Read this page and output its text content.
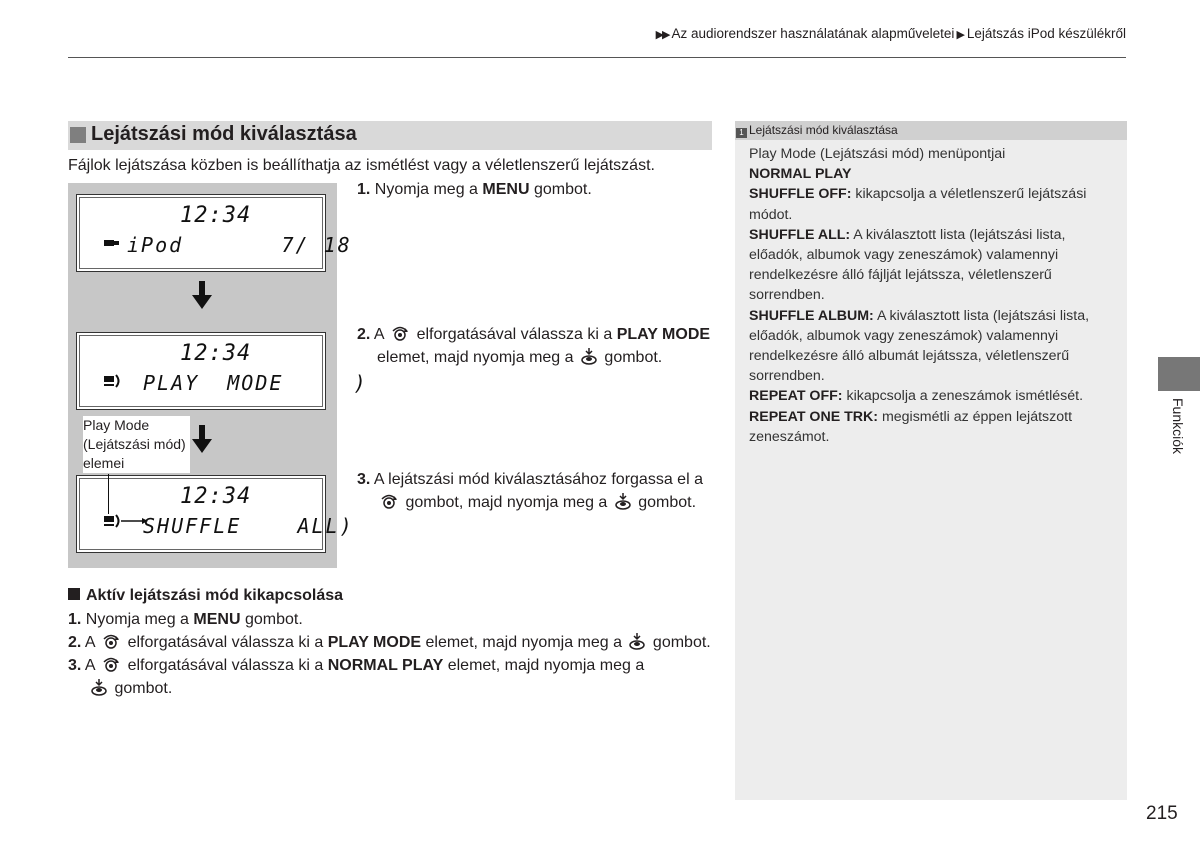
▶▶ Az audiorendszer használatának alapműveletei ▶ Lejátszás iPod készülékről
Lejátszási mód kiválasztása
Fájlok lejátszása közben is beállíthatja az ismétlést vagy a véletlenszerű lejátszást.
12:34
iPod       7/ 18
12:34
PLAY  MODE     )
12:34
SHUFFLE    ALL)
Play Mode
(Lejátszási mód)
elemei
1. Nyomja meg a MENU gombot.
2. A  elforgatásával válassza ki a PLAY MODE
elemet, majd nyomja meg a  gombot.
3. A lejátszási mód kiválasztásához forgassa el a
gombot, majd nyomja meg a  gombot.
Aktív lejátszási mód kikapcsolása
1. Nyomja meg a MENU gombot.
2. A  elforgatásával válassza ki a PLAY MODE elemet, majd nyomja meg a  gombot.
3. A  elforgatásával válassza ki a NORMAL PLAY elemet, majd nyomja meg a
gombot.
1 Lejátszási mód kiválasztása
Play Mode (Lejátszási mód) menüpontjai
NORMAL PLAY
SHUFFLE OFF: kikapcsolja a véletlenszerű lejátszási módot.
SHUFFLE ALL: A kiválasztott lista (lejátszási lista, előadók, albumok vagy zeneszámok) valamennyi rendelkezésre álló fájlját lejátssza, véletlenszerű sorrendben.
SHUFFLE ALBUM: A kiválasztott lista (lejátszási lista, előadók, albumok vagy zeneszámok) valamennyi rendelkezésre álló albumát lejátssza, véletlenszerű sorrendben.
REPEAT OFF: kikapcsolja a zeneszámok ismétlését.
REPEAT ONE TRK: megismétli az éppen lejátszott zeneszámot.	Funkciók
215
